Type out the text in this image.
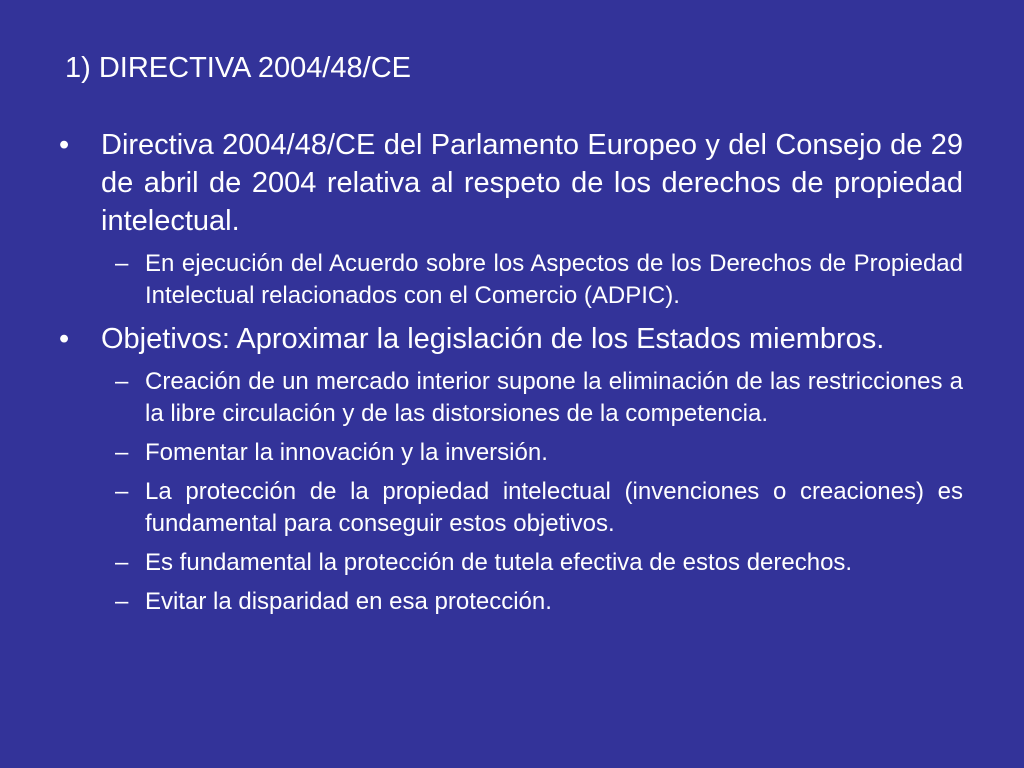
1) DIRECTIVA 2004/48/CE

• Directiva 2004/48/CE del Parlamento Europeo y del Consejo de 29 de abril de 2004 relativa al respeto de los derechos de propiedad intelectual.

– En ejecución del Acuerdo sobre los Aspectos de los Derechos de Propiedad Intelectual relacionados con el Comercio (ADPIC).

• Objetivos: Aproximar la legislación de los Estados miembros.

– Creación de un mercado interior supone la eliminación de las restricciones a la libre circulación y de las distorsiones de la competencia.

– Fomentar la innovación y la inversión.

– La protección de la propiedad intelectual (invenciones o creaciones) es fundamental para conseguir estos objetivos.

– Es fundamental la protección de tutela efectiva de estos derechos.

– Evitar la disparidad en esa protección.
